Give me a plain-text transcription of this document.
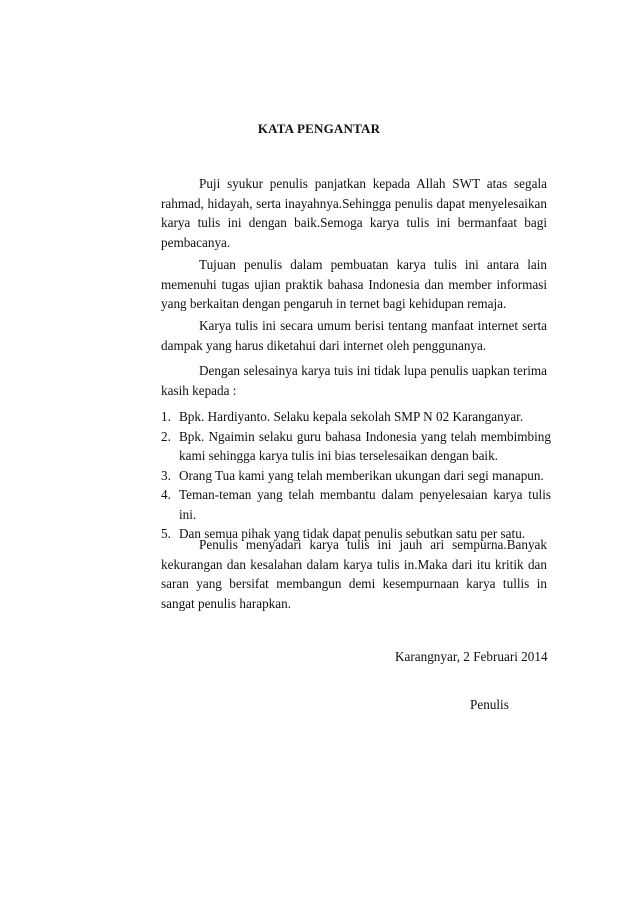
KATA PENGANTAR

Puji syukur penulis panjatkan kepada Allah SWT atas segala rahmad, hidayah, serta inayahnya.Sehingga penulis dapat menyelesaikan karya tulis ini dengan baik.Semoga karya tulis ini bermanfaat bagi pembacanya.

Tujuan penulis dalam pembuatan karya tulis ini antara lain memenuhi tugas ujian praktik bahasa Indonesia dan member informasi yang berkaitan dengan pengaruh in ternet bagi kehidupan remaja.

Karya tulis ini secara umum berisi tentang manfaat internet serta dampak yang harus diketahui dari internet oleh penggunanya.

Dengan selesainya karya tuis ini tidak lupa penulis uapkan terima kasih kepada :

1. Bpk. Hardiyanto. Selaku kepala sekolah SMP N 02 Karanganyar.
2. Bpk. Ngaimin selaku guru bahasa Indonesia yang telah membimbing kami sehingga karya tulis ini bias terselesaikan dengan baik.
3. Orang Tua kami yang telah memberikan ukungan dari segi manapun.
4. Teman-teman yang telah membantu dalam penyelesaian karya tulis ini.
5. Dan semua pihak yang tidak dapat penulis sebutkan satu per satu.

Penulis menyadari karya tulis ini jauh ari sempurna.Banyak kekurangan dan kesalahan dalam karya tulis in.Maka dari itu kritik dan saran yang bersifat membangun demi kesempurnaan karya tullis in sangat penulis harapkan.

Karangnyar, 2 Februari 2014
Penulis
